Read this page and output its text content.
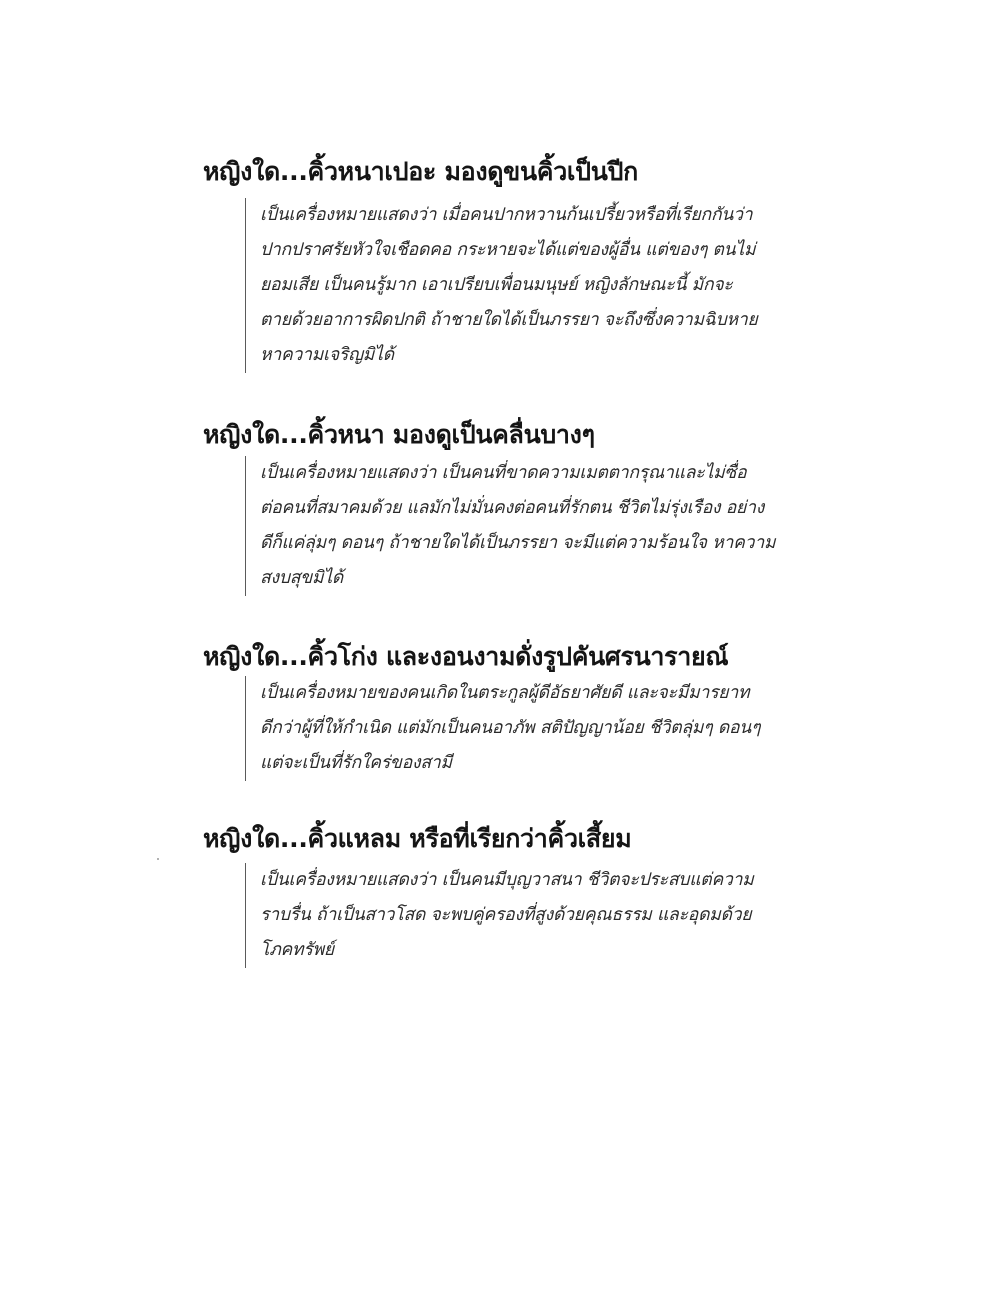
หญิงใด...คิ้วหนาเปอะ มองดูขนคิ้วเป็นปีก
เป็นเครื่องหมายแสดงว่า เมื่อคนปากหวานก้นเปรี้ยวหรือที่เรียกกันว่า
ปากปราศรัยหัวใจเชือดคอ กระหายจะได้แต่ของผู้อื่น แต่ของๆ ตนไม่
ยอมเสีย เป็นคนรู้มาก เอาเปรียบเพื่อนมนุษย์ หญิงลักษณะนี้ มักจะ
ตายด้วยอาการผิดปกติ ถ้าชายใดได้เป็นภรรยา จะถึงซึ่งความฉิบหาย
หาความเจริญมิได้
หญิงใด...คิ้วหนา มองดูเป็นคลื่นบางๆ
เป็นเครื่องหมายแสดงว่า เป็นคนที่ขาดความเมตตากรุณาและไม่ซื่อ
ต่อคนที่สมาคมด้วย แลมักไม่มั่นคงต่อคนที่รักตน ชีวิตไม่รุ่งเรือง อย่าง
ดีก็แค่ลุ่มๆ ดอนๆ ถ้าชายใดได้เป็นภรรยา จะมีแต่ความร้อนใจ หาความ
สงบสุขมิได้
หญิงใด...คิ้วโก่ง และงอนงามดั่งรูปคันศรนารายณ์
เป็นเครื่องหมายของคนเกิดในตระกูลผู้ดีอัธยาศัยดี และจะมีมารยาท
ดีกว่าผู้ที่ให้กำเนิด แต่มักเป็นคนอาภัพ สติปัญญาน้อย ชีวิตลุ่มๆ ดอนๆ
แต่จะเป็นที่รักใคร่ของสามี
หญิงใด...คิ้วแหลม หรือที่เรียกว่าคิ้วเสี้ยม
เป็นเครื่องหมายแสดงว่า เป็นคนมีบุญวาสนา ชีวิตจะประสบแต่ความ
ราบรื่น ถ้าเป็นสาวโสด จะพบคู่ครองที่สูงด้วยคุณธรรม และอุดมด้วย
โภคทรัพย์
